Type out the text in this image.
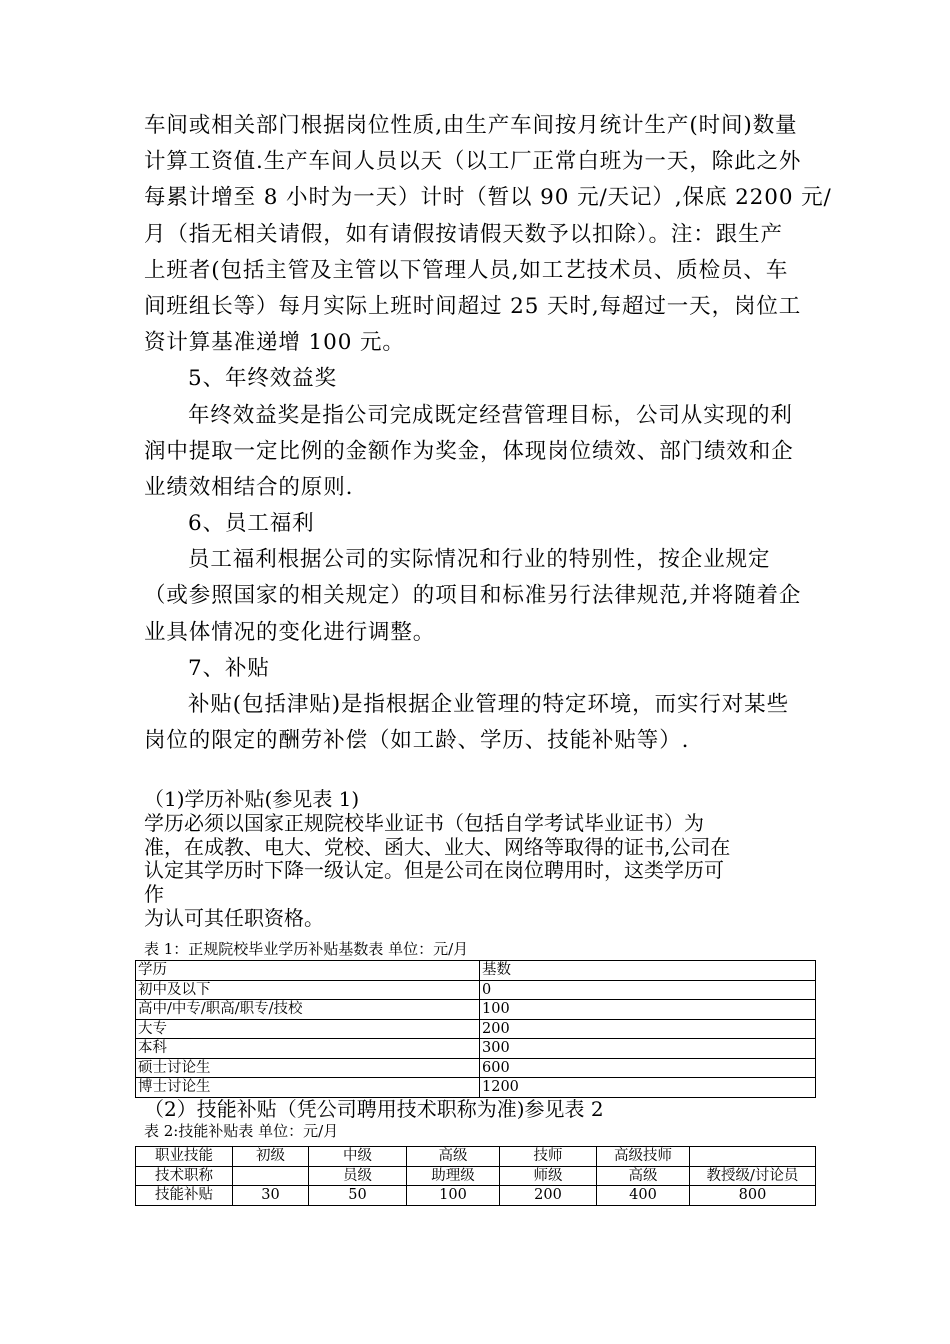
车间或相关部门根据岗位性质,由生产车间按月统计生产(时间)数量
计算工资值.生产车间人员以天（以工厂正常白班为一天，除此之外
每累计增至 8 小时为一天）计时（暂以 90 元/天记）,保底 2200 元/
月（指无相关请假，如有请假按请假天数予以扣除）。注：跟生产
上班者(包括主管及主管以下管理人员,如工艺技术员、质检员、车
间班组长等）每月实际上班时间超过 25 天时,每超过一天，岗位工
资计算基准递增 100 元。
5、年终效益奖
年终效益奖是指公司完成既定经营管理目标，公司从实现的利
润中提取一定比例的金额作为奖金，体现岗位绩效、部门绩效和企
业绩效相结合的原则.
6、员工福利
员工福利根据公司的实际情况和行业的特别性，按企业规定
（或参照国家的相关规定）的项目和标准另行法律规范,并将随着企
业具体情况的变化进行调整。
7、补贴
补贴(包括津贴)是指根据企业管理的特定环境，而实行对某些
岗位的限定的酬劳补偿（如工龄、学历、技能补贴等）.
（1)学历补贴(参见表 1)
学历必须以国家正规院校毕业证书（包括自学考试毕业证书）为
准，在成教、电大、党校、函大、业大、网络等取得的证书,公司在
认定其学历时下降一级认定。但是公司在岗位聘用时，这类学历可
作
为认可其任职资格。
表 1：正规院校毕业学历补贴基数表 单位：元/月
学历	基数
初中及以下	0
高中/中专/职高/职专/技校	100
大专	200
本科	300
硕士讨论生	600
博士讨论生	1200
（2）技能补贴（凭公司聘用技术职称为准)参见表 2
表 2:技能补贴表 单位：元/月
职业技能	初级	中级	高级	技师	高级技师	
技术职称		员级	助理级	师级	高级	教授级/讨论员
技能补贴	30	50	100	200	400	800
